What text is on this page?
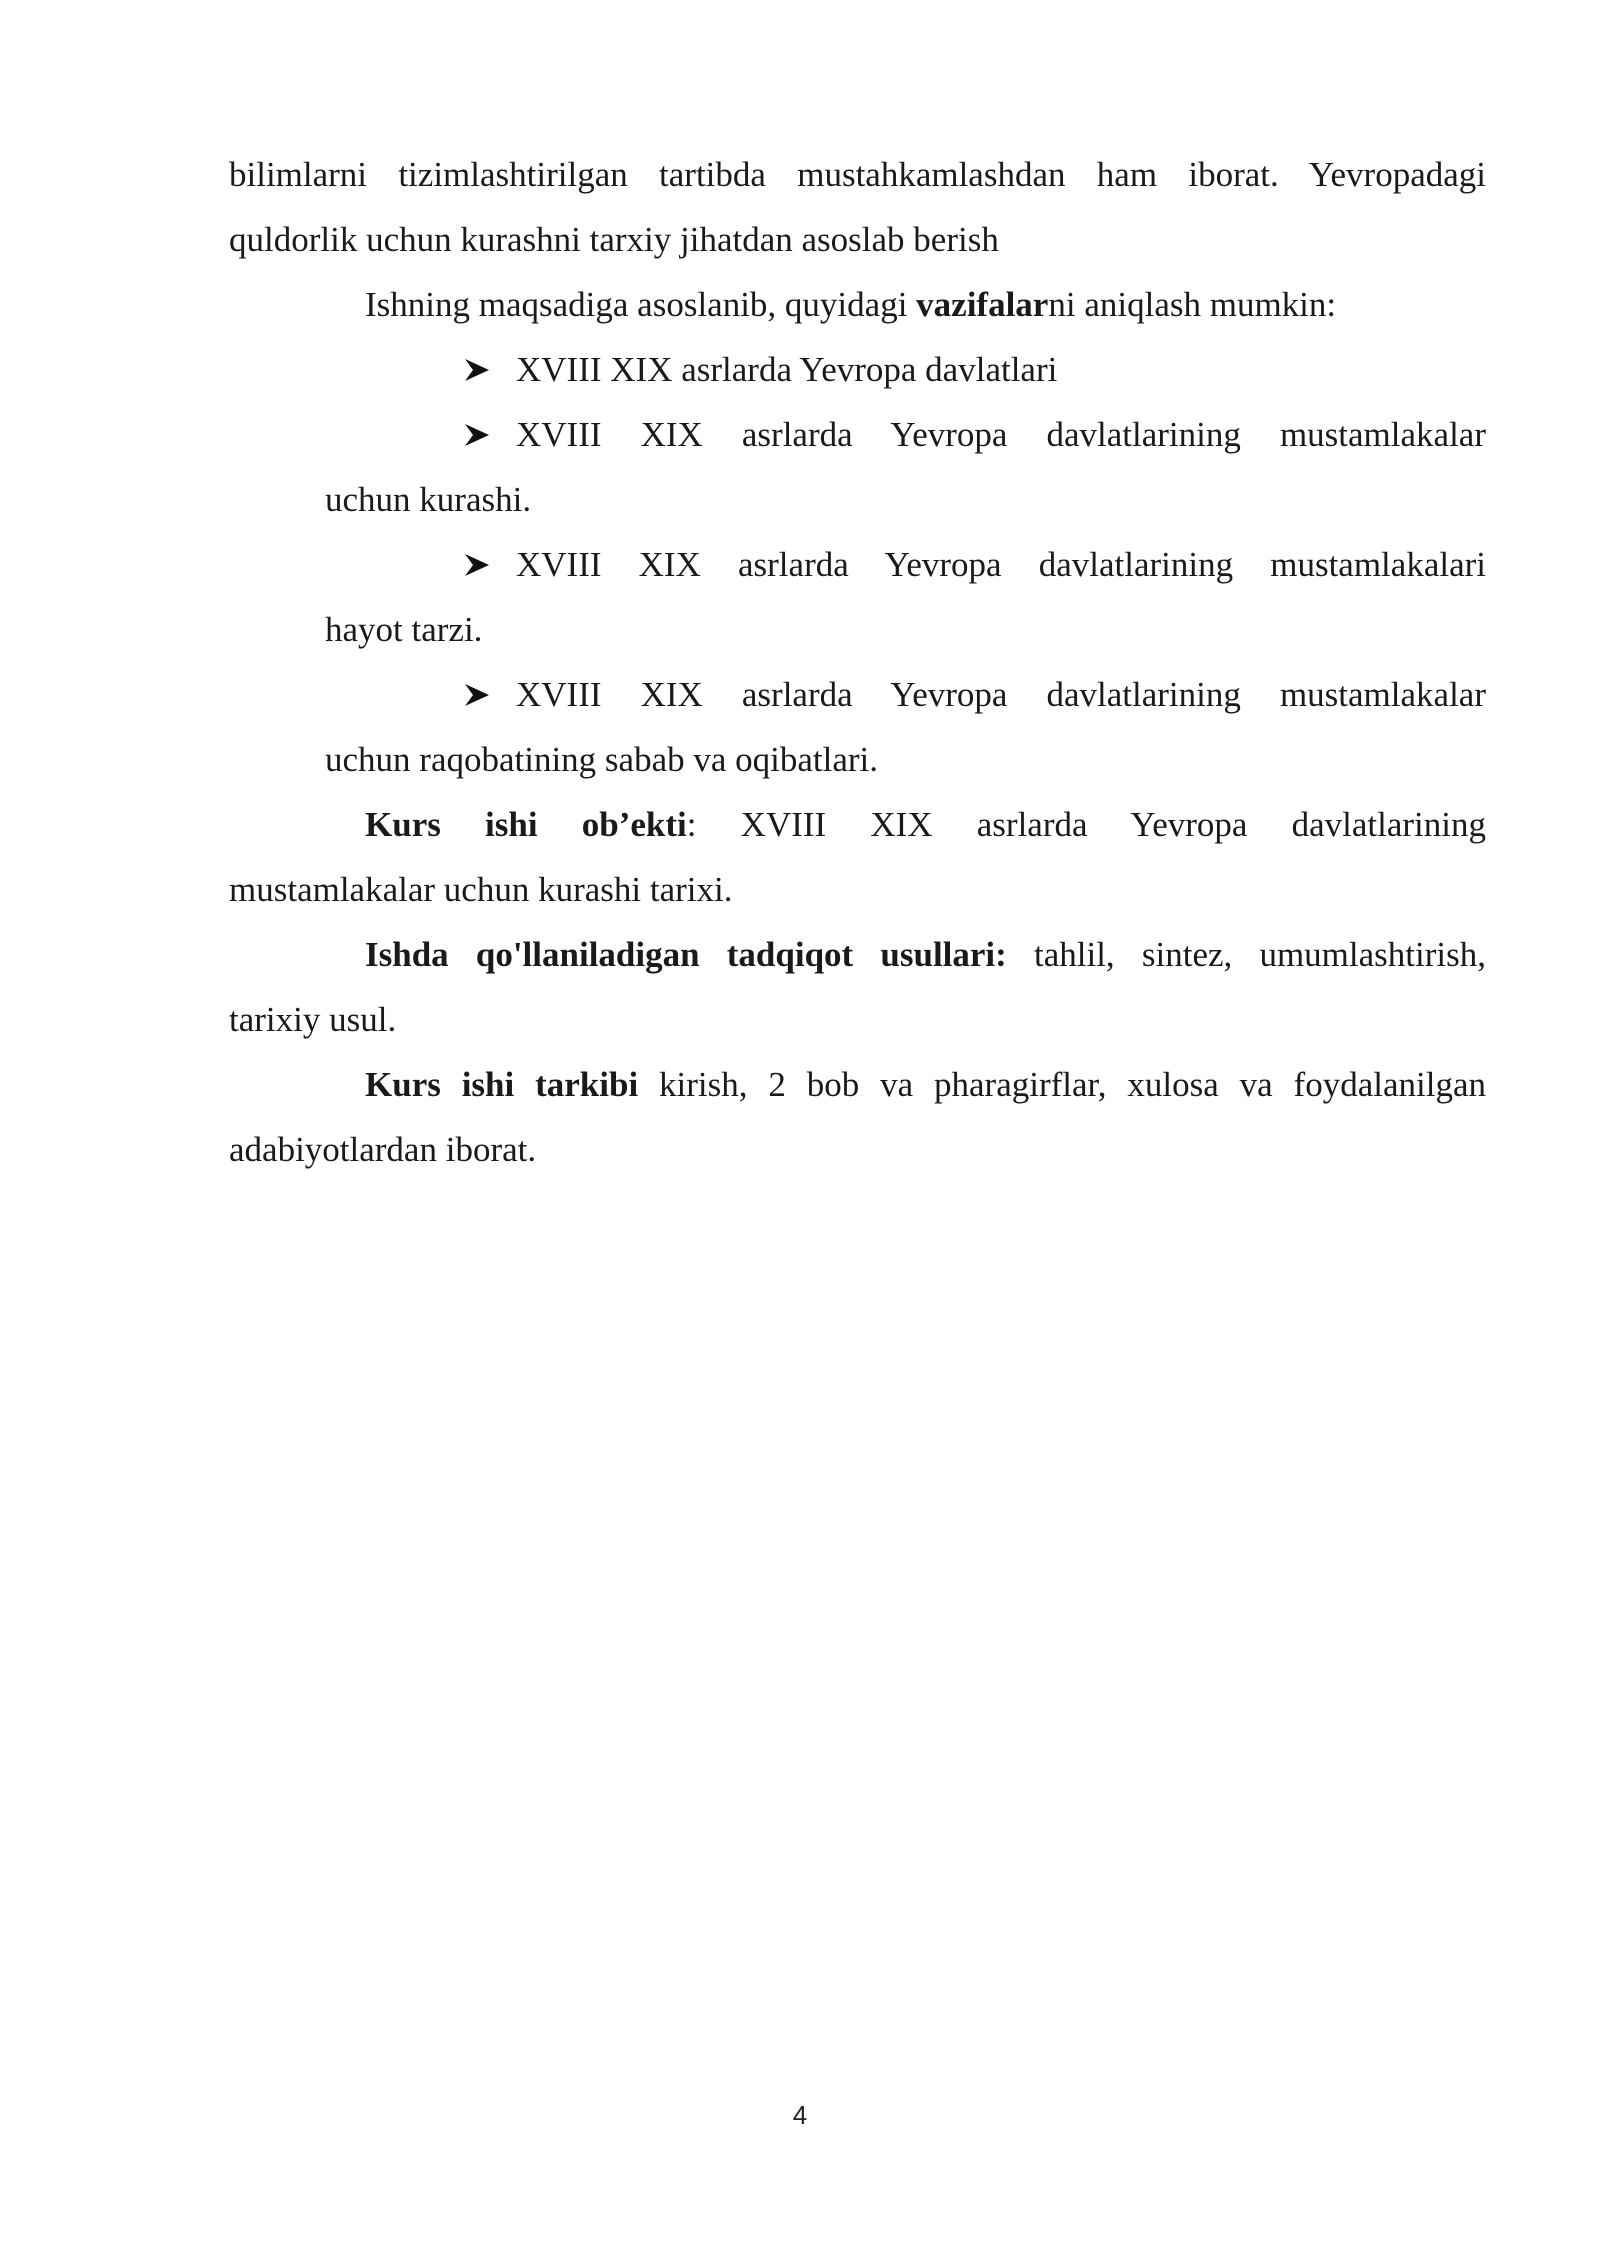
bilimlarni tizimlashtirilgan tartibda mustahkamlashdan ham iborat. Yevropadagi

quldorlik uchun kurashni tarxiy jihatdan asoslab berish

Ishning maqsadiga asoslanib, quyidagi vazifalarni aniqlash mumkin:

XVIII XIX asrlarda Yevropa davlatlari
XVIII XIX asrlarda Yevropa davlatlarining mustamlakalar

uchun kurashi.

XVIII XIX asrlarda Yevropa davlatlarining mustamlakalari

hayot tarzi.

XVIII XIX asrlarda Yevropa davlatlarining mustamlakalar

uchun raqobatining sabab va oqibatlari.

Kurs ishi ob’ekti: XVIII XIX asrlarda Yevropa davlatlarining

mustamlakalar uchun kurashi tarixi.

Ishda qo'llaniladigan tadqiqot usullari: tahlil, sintez, umumlashtirish,

tarixiy usul.

Kurs ishi tarkibi kirish, 2 bob va pharagirflar, xulosa va foydalanilgan

adabiyotlardan iborat.

4
